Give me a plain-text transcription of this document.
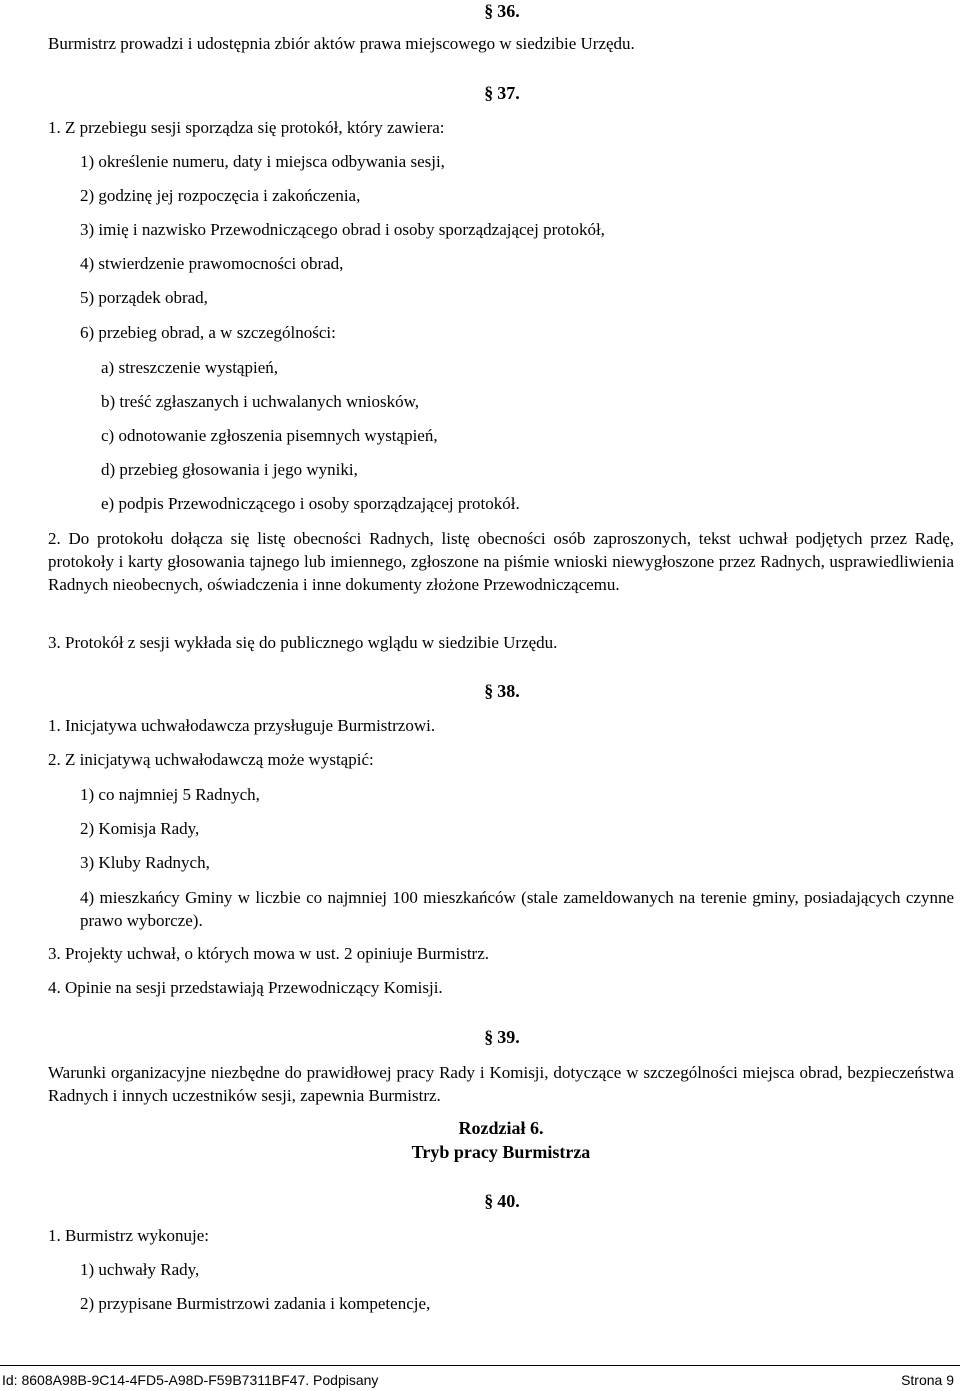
§ 36.
Burmistrz prowadzi i udostępnia zbiór aktów prawa miejscowego w siedzibie Urzędu.
§ 37.
1. Z przebiegu sesji sporządza się protokół, który zawiera:
1) określenie numeru, daty i miejsca odbywania sesji,
2) godzinę jej rozpoczęcia i zakończenia,
3) imię i nazwisko Przewodniczącego obrad i osoby sporządzającej protokół,
4) stwierdzenie prawomocności obrad,
5) porządek obrad,
6) przebieg obrad, a w szczególności:
a) streszczenie wystąpień,
b) treść zgłaszanych i uchwalanych wniosków,
c) odnotowanie zgłoszenia pisemnych wystąpień,
d) przebieg głosowania i jego wyniki,
e) podpis Przewodniczącego i osoby sporządzającej protokół.
2. Do protokołu dołącza się listę obecności Radnych, listę obecności osób zaproszonych, tekst uchwał podjętych przez Radę, protokoły i karty głosowania tajnego lub imiennego, zgłoszone na piśmie wnioski niewygłoszone przez Radnych, usprawiedliwienia Radnych nieobecnych, oświadczenia i inne dokumenty złożone Przewodniczącemu.
3. Protokół z sesji wykłada się do publicznego wglądu w siedzibie Urzędu.
§ 38.
1. Inicjatywa uchwałodawcza przysługuje Burmistrzowi.
2. Z inicjatywą uchwałodawczą może wystąpić:
1) co najmniej 5 Radnych,
2) Komisja Rady,
3) Kluby Radnych,
4) mieszkańcy Gminy w liczbie co najmniej 100 mieszkańców (stale zameldowanych na terenie gminy, posiadających czynne prawo wyborcze).
3. Projekty uchwał, o których mowa w ust. 2 opiniuje Burmistrz.
4. Opinie na sesji przedstawiają Przewodniczący Komisji.
§ 39.
Warunki organizacyjne niezbędne do prawidłowej pracy Rady i Komisji, dotyczące w szczególności miejsca obrad, bezpieczeństwa Radnych i innych uczestników sesji, zapewnia Burmistrz.
Rozdział 6.
Tryb pracy Burmistrza
§ 40.
1. Burmistrz wykonuje:
1) uchwały Rady,
2) przypisane Burmistrzowi zadania i kompetencje,
Id: 8608A98B-9C14-4FD5-A98D-F59B7311BF47. Podpisany	Strona 9
